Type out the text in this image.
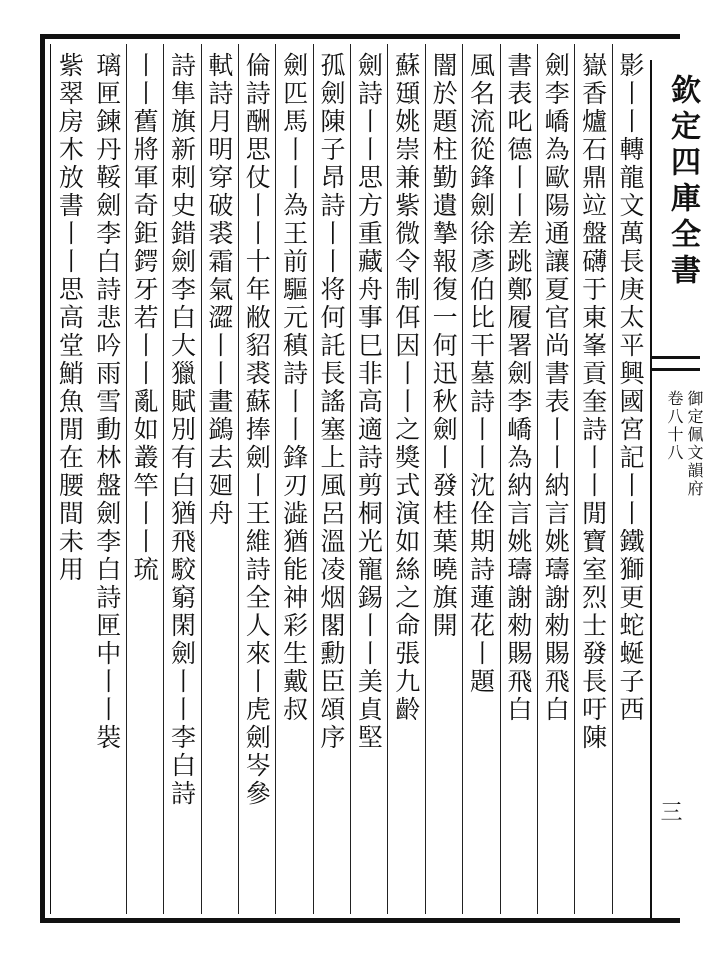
欽定四庫全書
御定佩文韻府
卷八十八
三
影丨丨轉龍文萬長庚太平興國宮記丨丨鐵獅更蛇蜒子西
嶽香爐石鼎竝盤礴于東峯貢奎詩丨丨閒寶室烈士發長吁陳
劍李嶠為歐陽通讓夏官尚書表丨丨納言姚璹謝勑賜飛白
書表叱德丨丨差跳鄭履署劍李嶠為納言姚璹謝勑賜飛白
風名流從鋒劍徐彥伯比干墓詩丨丨沈佺期詩蓮花丨題
闇於題柱勤遺摯報復一何迅秋劍丨發桂葉曉旗開
蘇頲姚崇兼紫微令制佴因丨丨之獎式演如絲之命張九齡
劍詩丨丨思方重藏舟事巳非高適詩剪桐光寵錫丨丨美貞堅
孤劍陳子昂詩丨丨将何託長謠塞上風呂溫凌烟閣勳臣頌序
劍匹馬丨丨為王前驅元稹詩丨丨鋒刃澁猶能神彩生戴叔
倫詩酬思仗丨丨十年敝貂裘蘇捧劍丨王維詩全人來丨虎劍岑參
軾詩月明穿破裘霜氣澀丨丨畫鷁去廻舟
詩隼旗新刺史錯劍李白大獵賦別有白猶飛駮窮閑劍丨丨李白詩
丨丨舊將軍奇鉅鍔牙若丨丨亂如叢竿丨丨琉
璃匣鍊丹鞖劍李白詩悲吟雨雪動林盤劍李白詩匣中丨丨裝
紫翠房木放書丨丨思高堂鮹魚閒在腰間未用
